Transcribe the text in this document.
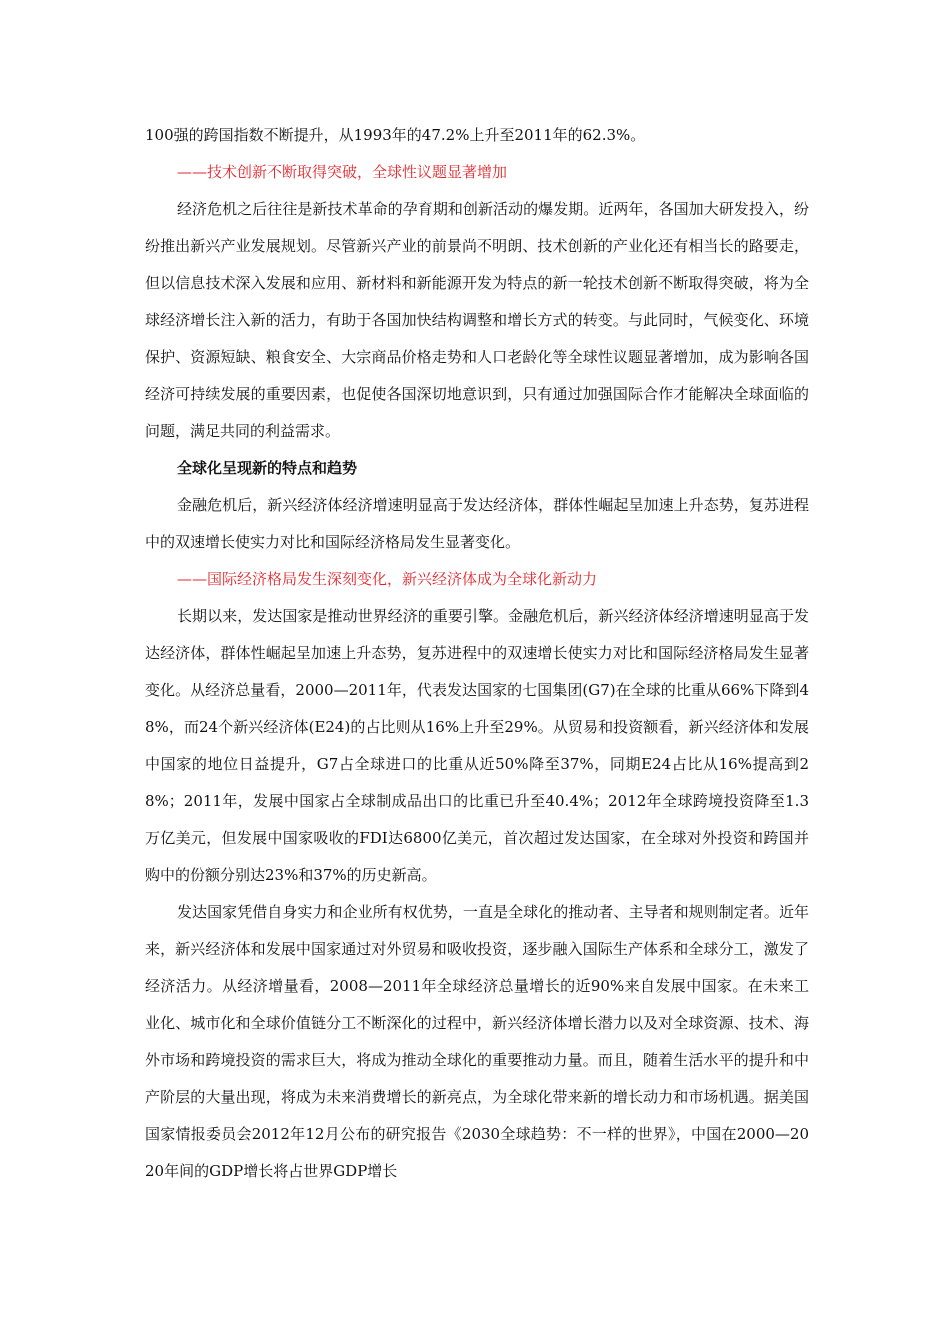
100强的跨国指数不断提升，从1993年的47.2%上升至2011年的62.3%。

——技术创新不断取得突破，全球性议题显著增加

经济危机之后往往是新技术革命的孕育期和创新活动的爆发期。近两年，各国加大研发投入，纷纷推出新兴产业发展规划。尽管新兴产业的前景尚不明朗、技术创新的产业化还有相当长的路要走，但以信息技术深入发展和应用、新材料和新能源开发为特点的新一轮技术创新不断取得突破，将为全球经济增长注入新的活力，有助于各国加快结构调整和增长方式的转变。与此同时，气候变化、环境保护、资源短缺、粮食安全、大宗商品价格走势和人口老龄化等全球性议题显著增加，成为影响各国经济可持续发展的重要因素，也促使各国深切地意识到，只有通过加强国际合作才能解决全球面临的问题，满足共同的利益需求。

全球化呈现新的特点和趋势

金融危机后，新兴经济体经济增速明显高于发达经济体，群体性崛起呈加速上升态势，复苏进程中的双速增长使实力对比和国际经济格局发生显著变化。

——国际经济格局发生深刻变化，新兴经济体成为全球化新动力

长期以来，发达国家是推动世界经济的重要引擎。金融危机后，新兴经济体经济增速明显高于发达经济体，群体性崛起呈加速上升态势，复苏进程中的双速增长使实力对比和国际经济格局发生显著变化。从经济总量看，2000—2011年，代表发达国家的七国集团(G7)在全球的比重从66%下降到48%，而24个新兴经济体(E24)的占比则从16%上升至29%。从贸易和投资额看，新兴经济体和发展中国家的地位日益提升，G7占全球进口的比重从近50%降至37%，同期E24占比从16%提高到28%；2011年，发展中国家占全球制成品出口的比重已升至40.4%；2012年全球跨境投资降至1.3万亿美元，但发展中国家吸收的FDI达6800亿美元，首次超过发达国家，在全球对外投资和跨国并购中的份额分别达23%和37%的历史新高。

发达国家凭借自身实力和企业所有权优势，一直是全球化的推动者、主导者和规则制定者。近年来，新兴经济体和发展中国家通过对外贸易和吸收投资，逐步融入国际生产体系和全球分工，激发了经济活力。从经济增量看，2008—2011年全球经济总量增长的近90%来自发展中国家。在未来工业化、城市化和全球价值链分工不断深化的过程中，新兴经济体增长潜力以及对全球资源、技术、海外市场和跨境投资的需求巨大，将成为推动全球化的重要推动力量。而且，随着生活水平的提升和中产阶层的大量出现，将成为未来消费增长的新亮点，为全球化带来新的增长动力和市场机遇。据美国国家情报委员会2012年12月公布的研究报告《2030全球趋势：不一样的世界》，中国在2000—2020年间的GDP增长将占世界GDP增长
